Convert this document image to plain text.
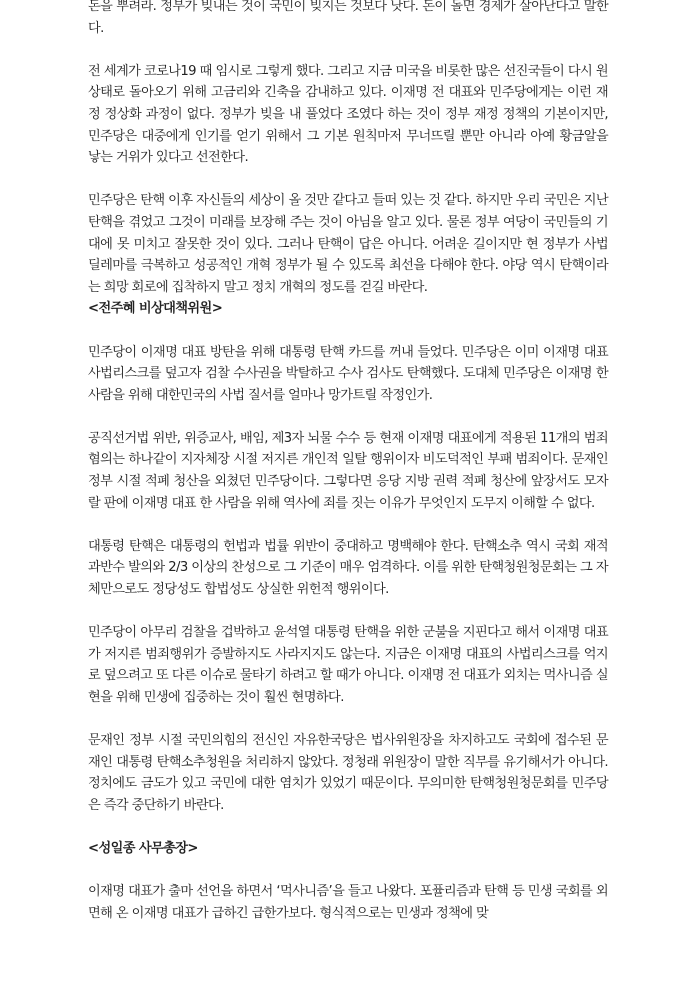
돈을 뿌려라. 정부가 빚내는 것이 국민이 빚지는 것보다 낫다. 돈이 돌면 경제가 살아난다고 말한다.

전 세계가 코로나19 때 임시로 그렇게 했다. 그리고 지금 미국을 비롯한 많은 선진국들이 다시 원상태로 돌아오기 위해 고금리와 긴축을 감내하고 있다. 이재명 전 대표와 민주당에게는 이런 재정 정상화 과정이 없다. 정부가 빚을 내 풀었다 조였다 하는 것이 정부 재정 정책의 기본이지만, 민주당은 대중에게 인기를 얻기 위해서 그 기본 원칙마저 무너뜨릴 뿐만 아니라 아예 황금알을 낳는 거위가 있다고 선전한다.

민주당은 탄핵 이후 자신들의 세상이 올 것만 같다고 들떠 있는 것 같다. 하지만 우리 국민은 지난 탄핵을 겪었고 그것이 미래를 보장해 주는 것이 아님을 알고 있다. 물론 정부 여당이 국민들의 기대에 못 미치고 잘못한 것이 있다. 그러나 탄핵이 답은 아니다. 어려운 길이지만 현 정부가 사법 딜레마를 극복하고 성공적인 개혁 정부가 될 수 있도록 최선을 다해야 한다. 야당 역시 탄핵이라는 희망 회로에 집착하지 말고 정치 개혁의 정도를 걷길 바란다.

<전주혜 비상대책위원>

민주당이 이재명 대표 방탄을 위해 대통령 탄핵 카드를 꺼내 들었다. 민주당은 이미 이재명 대표 사법리스크를 덮고자 검찰 수사권을 박탈하고 수사 검사도 탄핵했다. 도대체 민주당은 이재명 한 사람을 위해 대한민국의 사법 질서를 얼마나 망가트릴 작정인가.

공직선거법 위반, 위증교사, 배임, 제3자 뇌물 수수 등 현재 이재명 대표에게 적용된 11개의 범죄 혐의는 하나같이 지자체장 시절 저지른 개인적 일탈 행위이자 비도덕적인 부패 범죄이다. 문재인 정부 시절 적폐 청산을 외쳤던 민주당이다. 그렇다면 응당 지방 권력 적폐 청산에 앞장서도 모자랄 판에 이재명 대표 한 사람을 위해 역사에 죄를 짓는 이유가 무엇인지 도무지 이해할 수 없다.

대통령 탄핵은 대통령의 헌법과 법률 위반이 중대하고 명백해야 한다. 탄핵소추 역시 국회 재적 과반수 발의와 2/3 이상의 찬성으로 그 기준이 매우 엄격하다. 이를 위한 탄핵청원청문회는 그 자체만으로도 정당성도 합법성도 상실한 위헌적 행위이다.

민주당이 아무리 검찰을 겁박하고 윤석열 대통령 탄핵을 위한 군불을 지핀다고 해서 이재명 대표가 저지른 범죄행위가 증발하지도 사라지지도 않는다. 지금은 이재명 대표의 사법리스크를 억지로 덮으려고 또 다른 이슈로 물타기 하려고 할 때가 아니다. 이재명 전 대표가 외치는 먹사니즘 실현을 위해 민생에 집중하는 것이 훨씬 현명하다.

문재인 정부 시절 국민의힘의 전신인 자유한국당은 법사위원장을 차지하고도 국회에 접수된 문재인 대통령 탄핵소추청원을 처리하지 않았다. 정청래 위원장이 말한 직무를 유기해서가 아니다. 정치에도 금도가 있고 국민에 대한 염치가 있었기 때문이다. 무의미한 탄핵청원청문회를 민주당은 즉각 중단하기 바란다.

<성일종 사무총장>

이재명 대표가 출마 선언을 하면서 ‘먹사니즘’을 들고 나왔다. 포퓰리즘과 탄핵 등 민생 국회를 외면해 온 이재명 대표가 급하긴 급한가보다. 형식적으로는 민생과 정책에 맞
